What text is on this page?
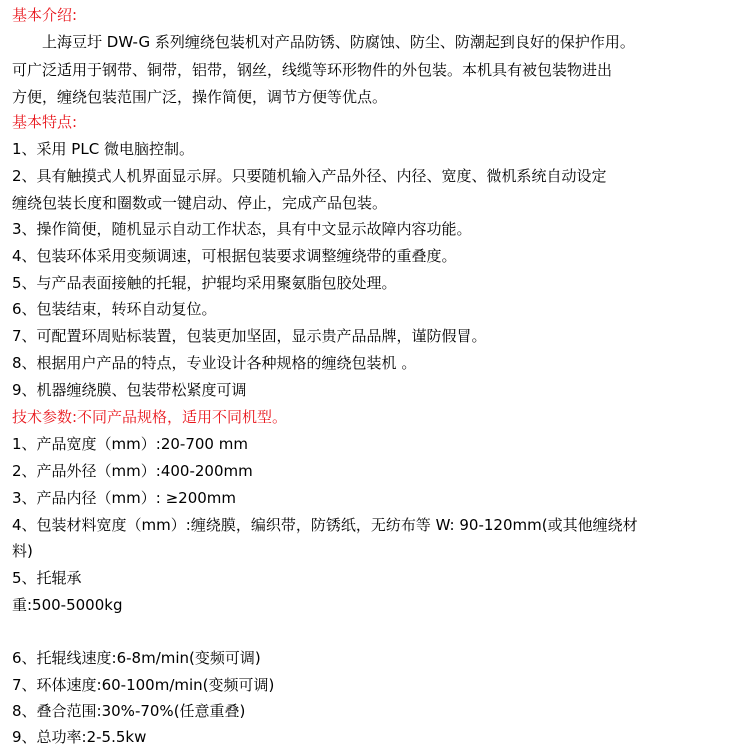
基本介绍:
上海豆圩 DW-G 系列缠绕包装机对产品防锈、防腐蚀、防尘、防潮起到良好的保护作用。
可广泛适用于钢带、铜带，铝带，钢丝，线缆等环形物件的外包装。本机具有被包装物进出
方便，缠绕包装范围广泛，操作简便，调节方便等优点。
基本特点:
1、采用 PLC 微电脑控制。
2、具有触摸式人机界面显示屏。只要随机输入产品外径、内径、宽度、微机系统自动设定
缠绕包装长度和圈数或一键启动、停止，完成产品包装。
3、操作简便，随机显示自动工作状态，具有中文显示故障内容功能。
4、包装环体采用变频调速，可根据包装要求调整缠绕带的重叠度。
5、与产品表面接触的托辊，护辊均采用聚氨脂包胶处理。
6、包装结束，转环自动复位。
7、可配置环周贴标装置，包装更加坚固，显示贵产品品牌，谨防假冒。
8、根据用户产品的特点，专业设计各种规格的缠绕包装机 。
9、机器缠绕膜、包装带松紧度可调
技术参数:不同产品规格，适用不同机型。
1、产品宽度（mm）:20-700 mm
2、产品外径（mm）:400-200mm
3、产品内径（mm）: ≥200mm
4、包装材料宽度（mm）:缠绕膜，编织带，防锈纸，无纺布等 W: 90-120mm(或其他缠绕材
料)
5、托辊承
重:500-5000kg
6、托辊线速度:6-8m/min(变频可调)
7、环体速度:60-100m/min(变频可调)
8、叠合范围:30%-70%(任意重叠)
9、总功率:2-5.5kw
